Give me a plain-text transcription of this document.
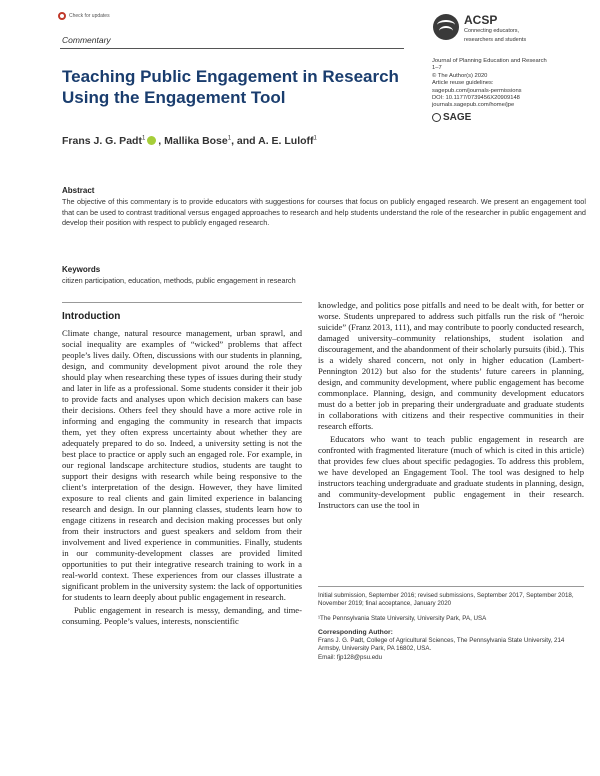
Check for updates
Commentary
ACSP
Connecting educators,
researchers and students
Journal of Planning Education and Research
1–7
© The Author(s) 2020
Article reuse guidelines:
sagepub.com/journals-permissions
DOI: 10.1177/0739456X20909148
journals.sagepub.com/home/jpe
SAGE
Teaching Public Engagement in Research Using the Engagement Tool
Frans J. G. Padt$^1$ , Mallika Bose$^1$, and A. E. Luloff$^1$
Abstract
The objective of this commentary is to provide educators with suggestions for courses that focus on publicly engaged research. We present an engagement tool that can be used to contrast traditional versus engaged approaches to research and help students understand the role of the researcher in public engagement and develop their position with respect to publicly engaged research.
Keywords
citizen participation, education, methods, public engagement in research
Introduction

Climate change, natural resource management, urban sprawl, and social inequality are examples of “wicked” problems that affect people’s lives daily. Often, discussions with our students in planning, design, and community development pivot around the role they should play when researching these types of issues during their study and later in life as a professional. Some students consider it their job to provide facts and analyses upon which decision makers can base their decisions. Others feel they should have a more active role in informing and engaging the community in research that impacts them, yet they often express uncertainty about whether they are adequately prepared to do so. Indeed, a university setting is not the best place to practice or apply such an engaged role. For example, in our regional landscape architecture studios, students are taught to support their designs with research while being responsive to the client’s interpretation of the design. However, they have limited exposure to real clients and gain limited experience in balancing research and design. In our planning classes, students learn how to engage citizens in research and decision making processes but only from their instructors and guest speakers and seldom from their involvement and lived experience in communities. Finally, students in our community-development classes are provided limited opportunities to put their integrative research training to work in a real-world context. These experiences from our classes illustrate a significant problem in the university system: the lack of opportunities for students to learn deeply about public engagement in research.

Public engagement in research is messy, demanding, and time-consuming. People’s values, interests, nonscientific

knowledge, and politics pose pitfalls and need to be dealt with, for better or worse. Students unprepared to address such pitfalls run the risk of “heroic suicide” (Franz 2013, 111), and may contribute to poorly conducted research, damaged university–community relationships, student isolation and discouragement, and the abandonment of their scholarly pursuits (ibid.). This is a widely shared concern, not only in higher education (Lambert-Pennington 2012) but also for the students’ future careers in planning, design, and community development, where public engagement has become commonplace. Planning, design, and community development educators must do a better job in preparing their undergraduate and graduate students in collaborations with citizens and their respective communities in their research efforts.

Educators who want to teach public engagement in research are confronted with fragmented literature (much of which is cited in this article) that provides few clues about specific pedagogies. To address this problem, we have developed an Engagement Tool. The tool was designed to help instructors teaching undergraduate and graduate students in planning, design, and community-development public engagement in their research. Instructors can use the tool in

Initial submission, September 2016; revised submissions, September 2017, September 2018, November 2019; final acceptance, January 2020
¹The Pennsylvania State University, University Park, PA, USA
Corresponding Author:
Frans J. G. Padt, College of Agricultural Sciences, The Pennsylvania State University, 214
Armsby, University Park, PA 16802, USA.
Email: fjp128@psu.edu
